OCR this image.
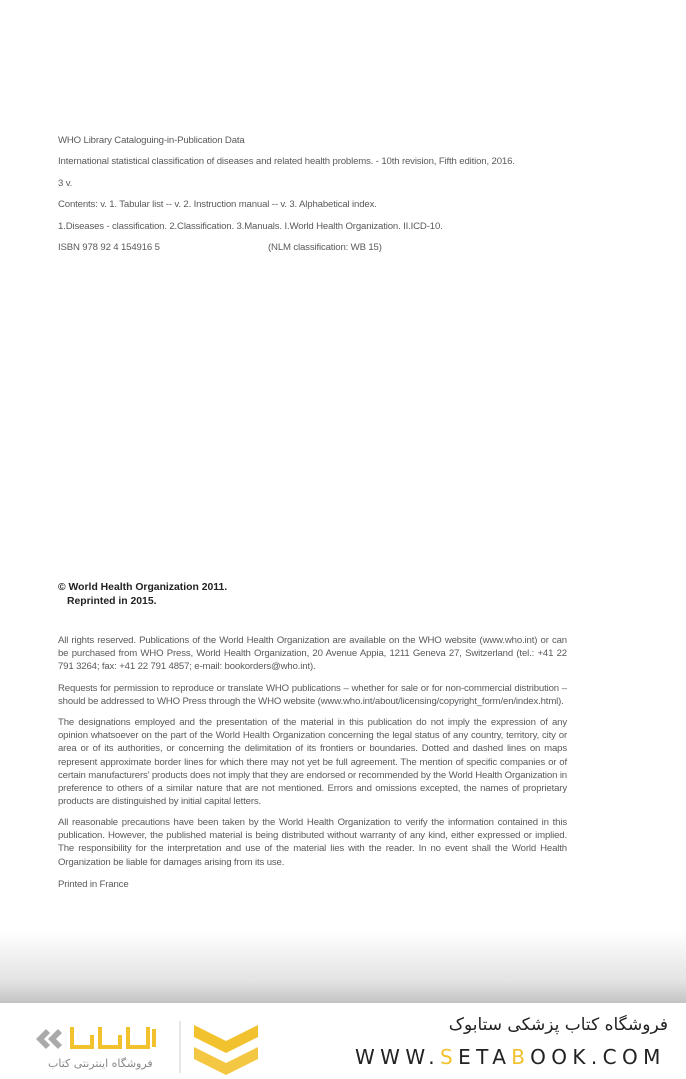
WHO Library Cataloguing-in-Publication Data
International statistical classification of diseases and related health problems. - 10th revision, Fifth edition, 2016.
3 v.
Contents: v. 1. Tabular list -- v. 2. Instruction manual -- v. 3. Alphabetical index.
1.Diseases - classification. 2.Classification. 3.Manuals. I.World Health Organization. II.ICD-10.
ISBN 978 92 4 154916 5	(NLM classification: WB 15)
© World Health Organization 2011.
Reprinted in 2015.
All rights reserved. Publications of the World Health Organization are available on the WHO website (www.who.int) or can be purchased from WHO Press, World Health Organization, 20 Avenue Appia, 1211 Geneva 27, Switzerland (tel.: +41 22 791 3264; fax: +41 22 791 4857; e-mail: bookorders@who.int).
Requests for permission to reproduce or translate WHO publications – whether for sale or for non-commercial distribution – should be addressed to WHO Press through the WHO website (www.who.int/about/licensing/copyright_form/en/index.html).
The designations employed and the presentation of the material in this publication do not imply the expression of any opinion whatsoever on the part of the World Health Organization concerning the legal status of any country, territory, city or area or of its authorities, or concerning the delimitation of its frontiers or boundaries. Dotted and dashed lines on maps represent approximate border lines for which there may not yet be full agreement. The mention of specific companies or of certain manufacturers’ products does not imply that they are endorsed or recommended by the World Health Organization in preference to others of a similar nature that are not mentioned. Errors and omissions excepted, the names of proprietary products are distinguished by initial capital letters.
All reasonable precautions have been taken by the World Health Organization to verify the information contained in this publication. However, the published material is being distributed without warranty of any kind, either expressed or implied. The responsibility for the interpretation and use of the material lies with the reader. In no event shall the World Health Organization be liable for damages arising from its use.
Printed in France
فروشگاه اینترنتی کتاب
فروشگاه کتاب پزشکی ستابوک
WWW.SETABOOK.COM
